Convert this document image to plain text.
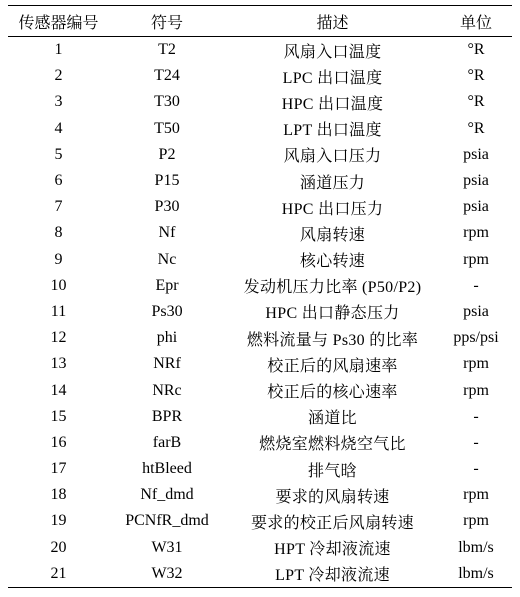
传感器编号	符号	描述	单位
1	T2	风扇入口温度	°R
2	T24	LPC 出口温度	°R
3	T30	HPC 出口温度	°R
4	T50	LPT 出口温度	°R
5	P2	风扇入口压力	psia
6	P15	涵道压力	psia
7	P30	HPC 出口压力	psia
8	Nf	风扇转速	rpm
9	Nc	核心转速	rpm
10	Epr	发动机压力比率 (P50/P2)	-
11	Ps30	HPC 出口静态压力	psia
12	phi	燃料流量与 Ps30 的比率	pps/psi
13	NRf	校正后的风扇速率	rpm
14	NRc	校正后的核心速率	rpm
15	BPR	涵道比	-
16	farB	燃烧室燃料烧空气比	-
17	htBleed	排气晗	-
18	Nf_dmd	要求的风扇转速	rpm
19	PCNfR_dmd	要求的校正后风扇转速	rpm
20	W31	HPT 冷却液流速	lbm/s
21	W32	LPT 冷却液流速	lbm/s
